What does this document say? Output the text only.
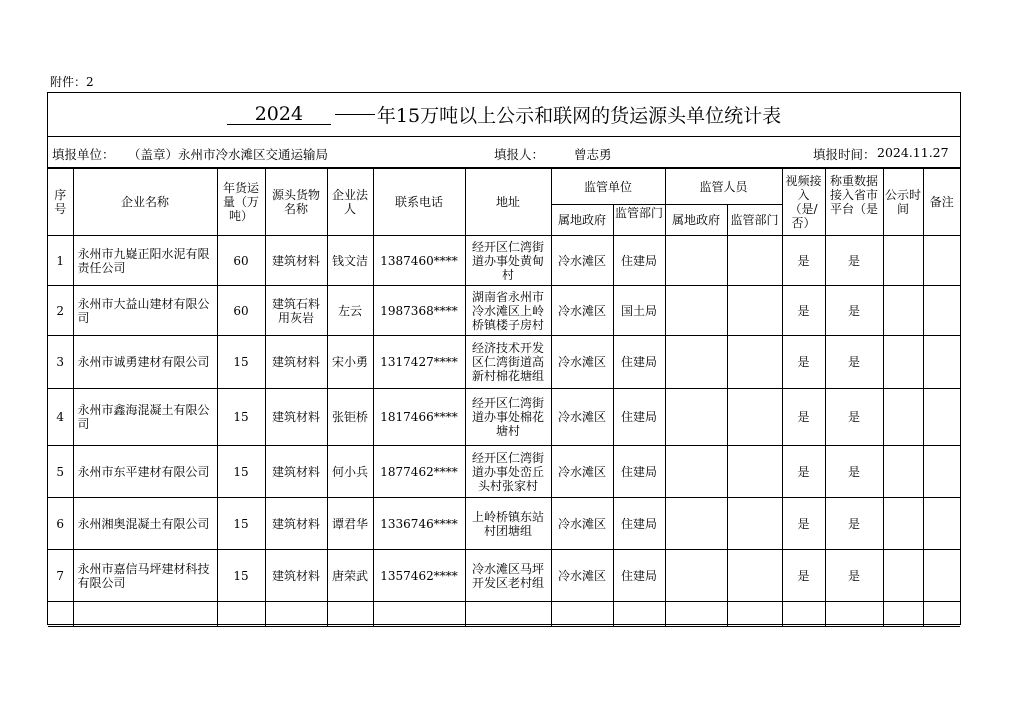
附件：2
2024	年15万吨以上公示和联网的货运源头单位统计表
填报单位： （盖章）永州市冷水滩区交通运输局	填报人： 曾志勇	填报时间： 2024.11.27
序号	企业名称	年货运量（万吨）	源头货物名称	企业法人	联系电话	地址	监管单位		监管人员		视频接入（是/否）	称重数据接入省市平台（是	公示时间	备注
							属地政府	监管部门	属地政府	监管部门				
1	永州市九嶷正阳水泥有限责任公司	60	建筑材料	钱文洁	1387460****	经开区仁湾街道办事处黄甸村	冷水滩区	住建局			是	是		
2	永州市大益山建材有限公司	60	建筑石料用灰岩	左云	1987368****	湖南省永州市冷水滩区上岭桥镇楼子房村	冷水滩区	国土局			是	是		
3	永州市诚勇建材有限公司	15	建筑材料	宋小勇	1317427****	经济技术开发区仁湾街道高新村棉花塘组	冷水滩区	住建局			是	是		
4	永州市鑫海混凝土有限公司	15	建筑材料	张钜桥	1817466****	经开区仁湾街道办事处棉花塘村	冷水滩区	住建局			是	是		
5	永州市东平建材有限公司	15	建筑材料	何小兵	1877462****	经开区仁湾街道办事处峦丘头村张家村	冷水滩区	住建局			是	是		
6	永州湘奥混凝土有限公司	15	建筑材料	谭君华	1336746****	上岭桥镇东站村团塘组	冷水滩区	住建局			是	是		
7	永州市嘉信马坪建材科技有限公司	15	建筑材料	唐荣武	1357462****	冷水滩区马坪开发区老村组	冷水滩区	住建局			是	是		
